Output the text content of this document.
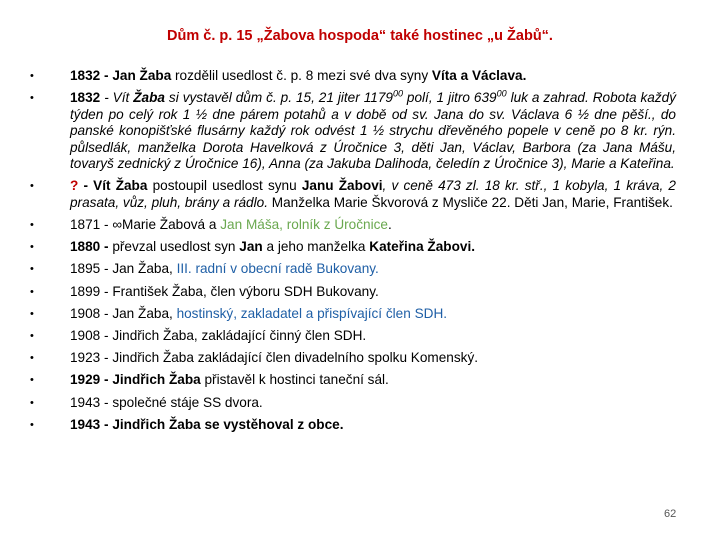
Dům č. p. 15 „Žabova hospoda“ také hostinec „u Žabů“.
•	1832 - Jan Žaba rozdělil usedlost č. p. 8 mezi své dva syny Víta a Václava.
•	1832 - Vít Žaba si vystavěl dům č. p. 15, 21 jiter 1179$^{00}$ polí, 1 jitro $639^{00}$ luk a zahrad. Robota každý týden po celý rok 1 ½ dne párem potahů a v době od sv. Jana do sv. Václava 6 ½ dne pěší., do panské konopišťské flusárny každý rok odvést 1 ½ strychu dřevěného popele v ceně po 8 kr. rýn. půlsedlák, manželka Dorota Havelková z Úročnice 3, děti Jan, Václav, Barbora (za Jana Mášu, tovaryš zednický z Úročnice 16), Anna (za Jakuba Dalihoda, čeledín z Úročnice 3), Marie a Kateřina.
•	? - Vít Žaba postoupil usedlost synu Janu Žabovi, v ceně 473 zl. 18 kr. stř., 1 kobyla, 1 kráva, 2 prasata, vůz, pluh, brány a rádlo. Manželka Marie Škvorová z Mysliče 22. Děti Jan, Marie, František.
•	1871 - ∞Marie Žabová a Jan Máša, rolník z Úročnice.
•	1880 - převzal usedlost syn Jan a jeho manželka Kateřina Žabovi.
•	1895 - Jan Žaba, III. radní v obecní radě Bukovany.
•	1899 - František Žaba, člen výboru SDH Bukovany.
•	1908 - Jan Žaba, hostinský, zakladatel a přispívající člen SDH.
•	1908 - Jindřich Žaba, zakládající činný člen SDH.
•	1923 - Jindřich Žaba zakládající člen divadelního spolku Komenský.
•	1929 - Jindřich Žaba přistavěl k hostinci taneční sál.
•	1943 - společné stáje SS dvora.
•	1943 - Jindřich Žaba se vystěhoval z obce.
62
